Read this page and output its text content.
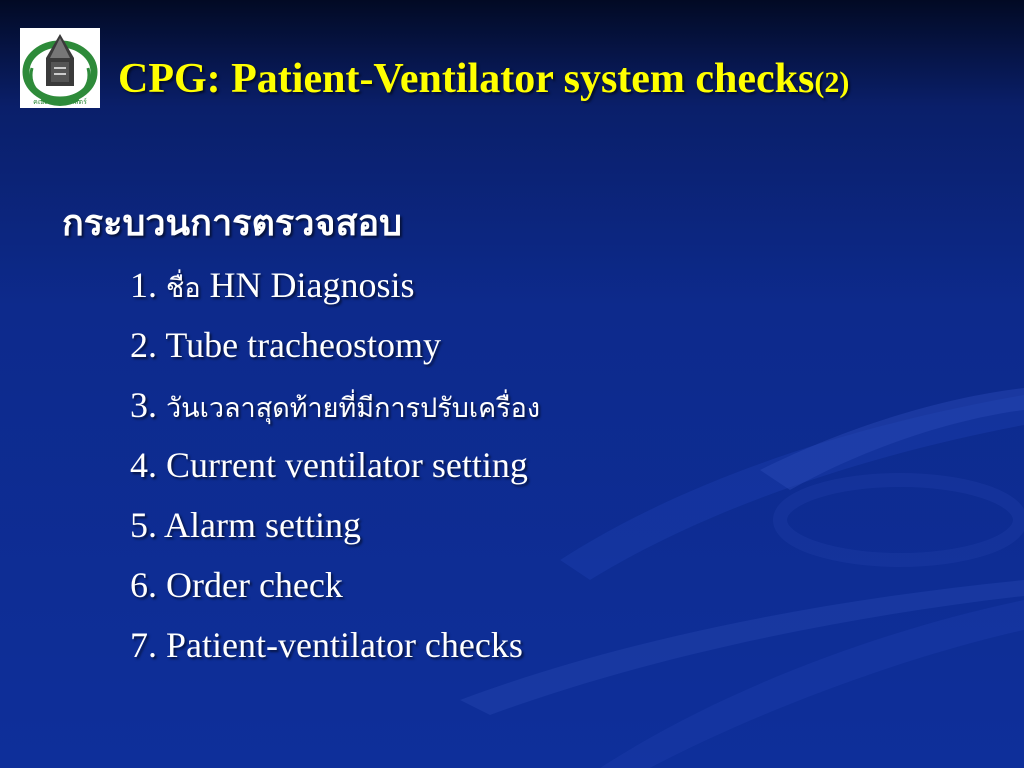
คณะแพทยศาสตร์ CPG: Patient-Ventilator system checks(2)
กระบวนการตรวจสอบ
1. ชื่อ HN Diagnosis
2. Tube tracheostomy
3. วันเวลาสุดท้ายที่มีการปรับเครื่อง
4. Current ventilator setting
5. Alarm setting
6. Order check
7. Patient-ventilator checks
